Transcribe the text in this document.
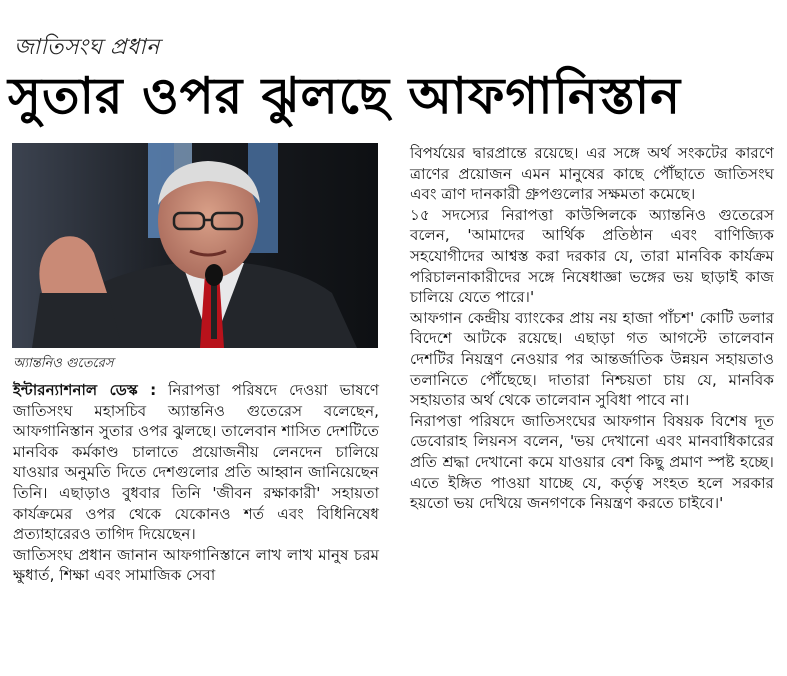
জাতিসংঘ প্রধান
সুতার ওপর ঝুলছে আফগানিস্তান
অ্যান্তনিও গুতেরেস

ইন্টারন্যাশনাল ডেস্ক : নিরাপত্তা পরিষদে দেওয়া ভাষণে জাতিসংঘ মহাসচিব অ্যান্তনিও গুতেরেস বলেছেন, আফগানিস্তান সুতার ওপর ঝুলছে। তালেবান শাসিত দেশটিতে মানবিক কর্মকাণ্ড চালাতে প্রয়োজনীয় লেনদেন চালিয়ে যাওয়ার অনুমতি দিতে দেশগুলোর প্রতি আহ্বান জানিয়েছেন তিনি। এছাড়াও বুধবার তিনি 'জীবন রক্ষাকারী' সহায়তা কার্যক্রমের ওপর থেকে যেকোনও শর্ত এবং বিধিনিষেধ প্রত্যাহারেরও তাগিদ দিয়েছেন।

জাতিসংঘ প্রধান জানান আফগানিস্তানে লাখ লাখ মানুষ চরম ক্ষুধার্ত, শিক্ষা এবং সামাজিক সেবা

বিপর্যয়ের দ্বারপ্রান্তে রয়েছে। এর সঙ্গে অর্থ সংকটের কারণে ত্রাণের প্রয়োজন এমন মানুষের কাছে পৌঁছাতে জাতিসংঘ এবং ত্রাণ দানকারী গ্রুপগুলোর সক্ষমতা কমেছে।

১৫ সদস্যের নিরাপত্তা কাউন্সিলকে অ্যান্তনিও গুতেরেস বলেন, 'আমাদের আর্থিক প্রতিষ্ঠান এবং বাণিজ্যিক সহযোগীদের আশ্বস্ত করা দরকার যে, তারা মানবিক কার্যক্রম পরিচালনাকারীদের সঙ্গে নিষেধাজ্ঞা ভঙ্গের ভয় ছাড়াই কাজ চালিয়ে যেতে পারে।'

আফগান কেন্দ্রীয় ব্যাংকের প্রায় নয় হাজা পাঁচশ' কোটি ডলার বিদেশে আটকে রয়েছে। এছাড়া গত আগস্টে তালেবান দেশটির নিয়ন্ত্রণ নেওয়ার পর আন্তর্জাতিক উন্নয়ন সহায়তাও তলানিতে পৌঁছেছে। দাতারা নিশ্চয়তা চায় যে, মানবিক সহায়তার অর্থ থেকে তালেবান সুবিধা পাবে না।

নিরাপত্তা পরিষদে জাতিসংঘের আফগান বিষয়ক বিশেষ দূত ডেবোরাহ লিয়নস বলেন, 'ভয় দেখানো এবং মানবাধিকারের প্রতি শ্রদ্ধা দেখানো কমে যাওয়ার বেশ কিছু প্রমাণ স্পষ্ট হচ্ছে। এতে ইঙ্গিত পাওয়া যাচ্ছে যে, কর্তৃত্ব সংহত হলে সরকার হয়তো ভয় দেখিয়ে জনগণকে নিয়ন্ত্রণ করতে চাইবে।'
